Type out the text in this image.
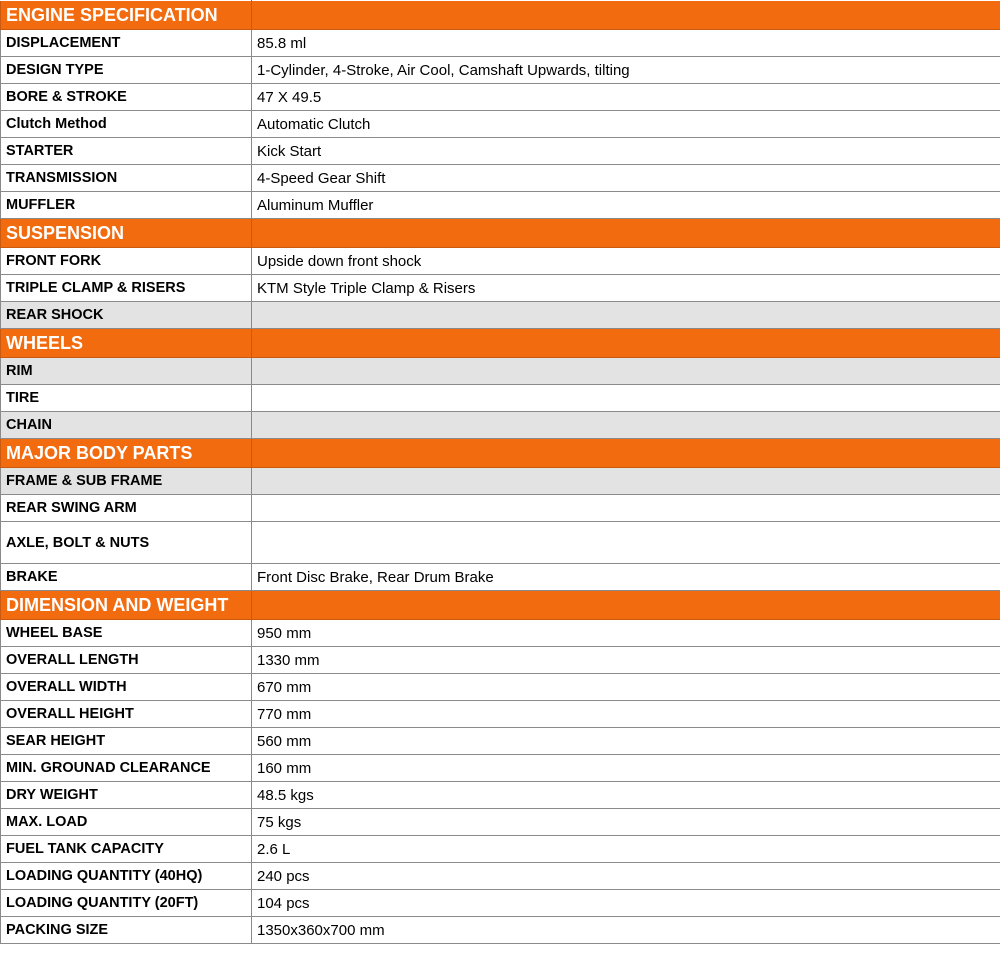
ENGINE SPECIFICATION	
DISPLACEMENT	85.8 ml
DESIGN TYPE	1-Cylinder, 4-Stroke, Air Cool, Camshaft Upwards, tilting
BORE & STROKE	47 X 49.5
Clutch Method	Automatic Clutch
STARTER	Kick Start
TRANSMISSION	4-Speed Gear Shift
MUFFLER	Aluminum Muffler
SUSPENSION	
FRONT FORK	Upside down front shock
TRIPLE CLAMP & RISERS	KTM Style Triple Clamp & Risers
REAR SHOCK	
WHEELS	
RIM	
TIRE	
CHAIN	
MAJOR BODY PARTS	
FRAME & SUB FRAME	
REAR SWING ARM	
AXLE, BOLT & NUTS	
BRAKE	Front Disc Brake, Rear Drum Brake
DIMENSION AND WEIGHT	
WHEEL BASE	950 mm
OVERALL LENGTH	1330 mm
OVERALL WIDTH	670 mm
OVERALL HEIGHT	770 mm
SEAR HEIGHT	560 mm
MIN. GROUNAD CLEARANCE	160 mm
DRY WEIGHT	48.5 kgs
MAX. LOAD	75 kgs
FUEL TANK CAPACITY	2.6 L
LOADING QUANTITY (40HQ)	240 pcs
LOADING QUANTITY (20FT)	104 pcs
PACKING SIZE	1350x360x700 mm
